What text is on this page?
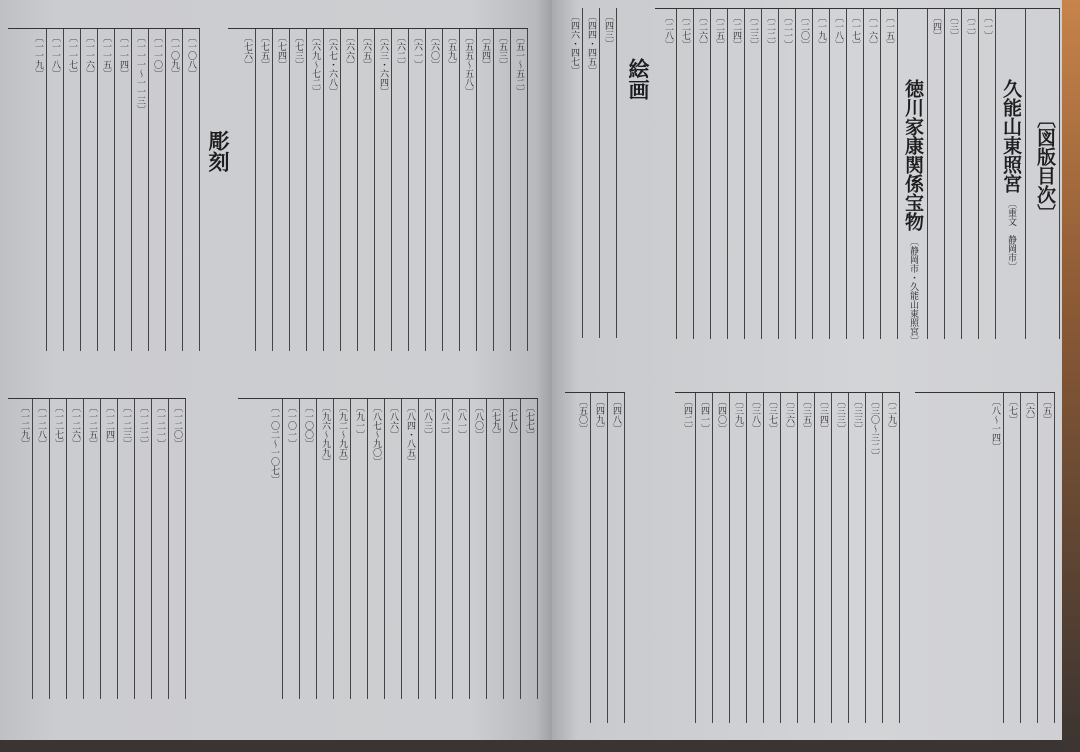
〔図版目次〕
久能山東照宮〔重文　静岡市〕
〔一〕
〔二〕
〔三〕
〔四〕
徳川家康関係宝物〔静岡市・久能山東照宮〕
〔一五〕
〔一六〕
〔一七〕
〔一八〕
〔一九〕
〔二〇〕
〔二一〕
〔二二〕
〔二三〕
〔二四〕
〔二五〕
〔二六〕
〔二七〕
〔二八〕
絵画
〔四三〕
〔四四・四五〕
〔四六・四七〕
〔五〕
〔六〕
〔七〕
〔八～一四〕
〔二九〕
〔三〇～三二〕
〔三三〕
〔三三〕
〔三四〕
〔三五〕
〔三六〕
〔三七〕
〔三八〕
〔三九〕
〔四〇〕
〔四一〕
〔四二〕
〔四八〕
〔四九〕
〔五〇〕
〔五一～五二〕
〔五三〕
〔五四〕
〔五五～五八〕
〔五九〕
〔六〇〕
〔六一〕
〔六二〕
〔六三・六四〕
〔六五〕
〔六六〕
〔六七・六八〕
〔六九～七二〕
〔七三〕
〔七四〕
〔七五〕
〔七六〕
彫刻
〔一〇八〕
〔一〇九〕
〔一一〇〕
〔一一一～一一三〕
〔一一四〕
〔一一五〕
〔一一六〕
〔一一七〕
〔一一八〕
〔一一九〕
〔七七〕
〔七八〕
〔七九〕
〔八〇〕
〔八一〕
〔八二〕
〔八三〕
〔八四・八五〕
〔八六〕
〔八七～九〇〕
〔九一〕
〔九二～九五〕
〔九六～九九〕
〔一〇〇〕
〔一〇一〕
〔一〇二～一〇七〕
〔一二〇〕
〔一二一〕
〔一二二〕
〔一二三〕
〔一二四〕
〔一二五〕
〔一二六〕
〔一二七〕
〔一二八〕
〔一二九〕
